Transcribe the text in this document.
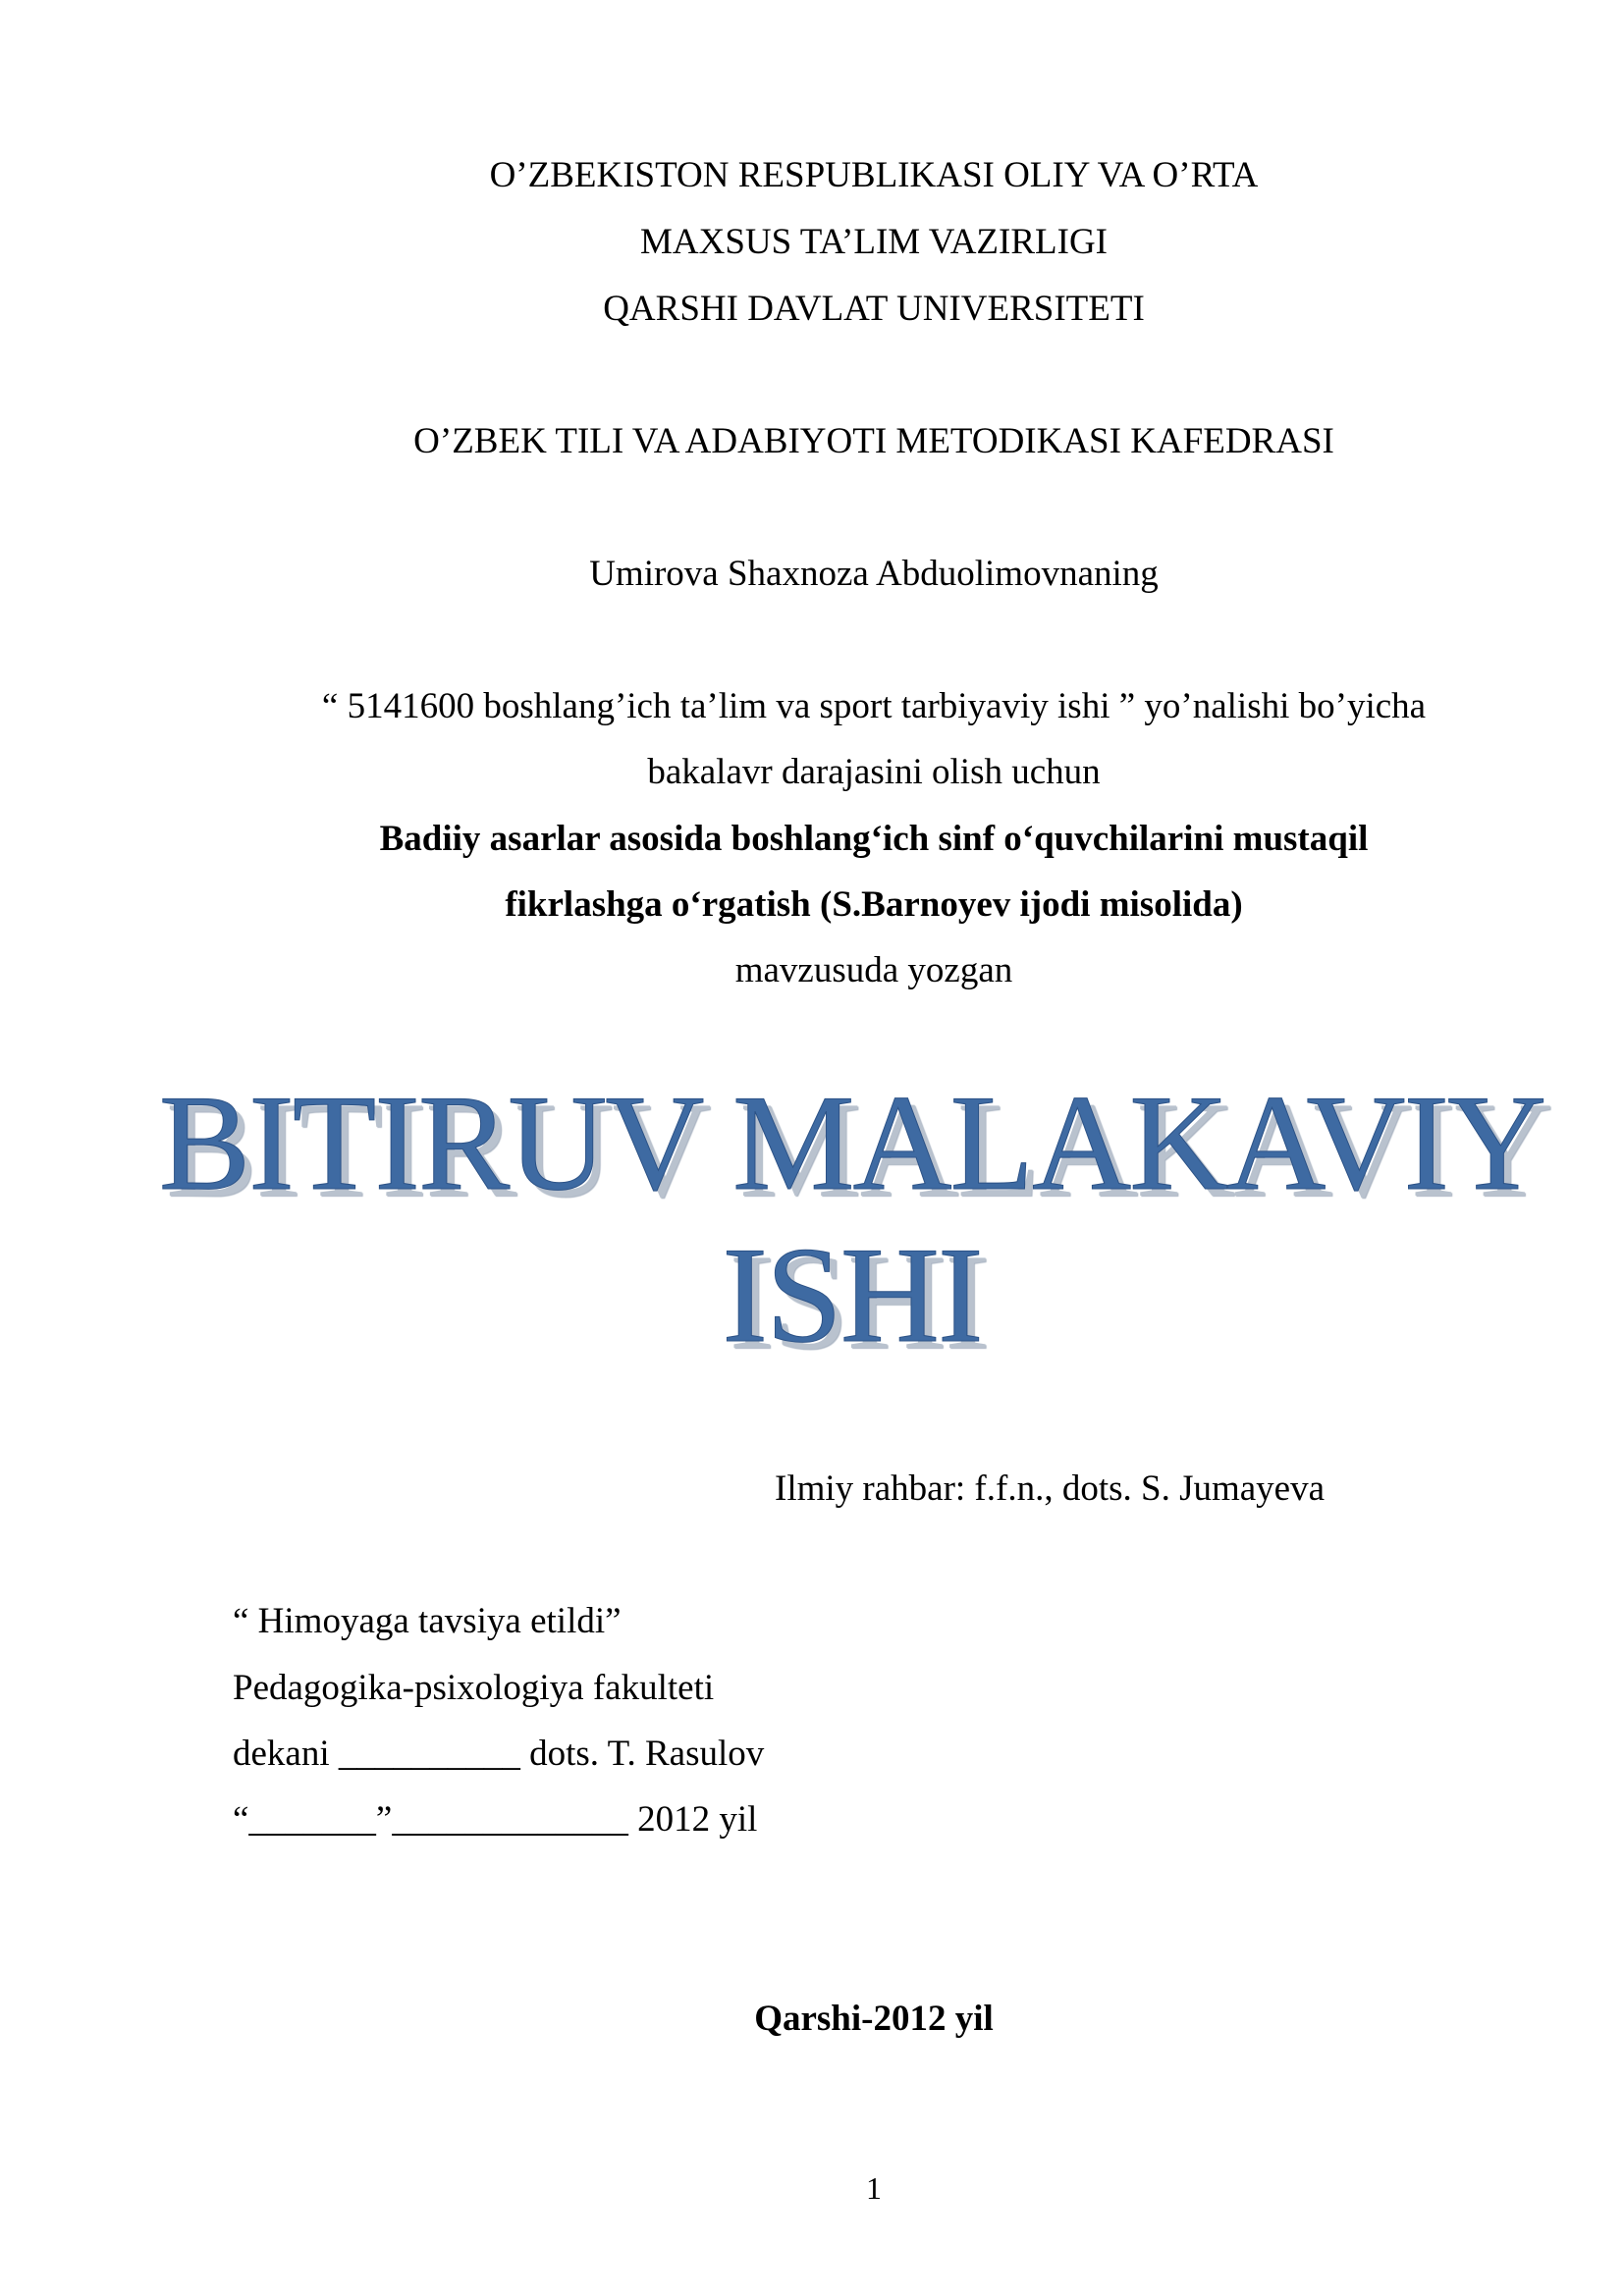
O’ZBEKISTON RESPUBLIKASI OLIY VA O’RTA
MAXSUS TA’LIM VAZIRLIGI
QARSHI DAVLAT UNIVERSITETI
O’ZBEK TILI VA ADABIYOTI METODIKASI KAFEDRASI
Umirova Shaxnoza Abduolimovnaning
“ 5141600 boshlang’ich ta’lim va sport tarbiyaviy ishi ” yo’nalishi bo’yicha
bakalavr darajasini olish uchun
Badiiy asarlar asosida boshlang‘ich sinf o‘quvchilarini mustaqil
fikrlashga o‘rgatish (S.Barnoyev ijodi misolida)
mavzusuda yozgan
BITIRUV MALAKAVIY
ISHI
Ilmiy rahbar: f.f.n., dots. S. Jumayeva
“ Himoyaga tavsiya etildi”
Pedagogika-psixologiya fakulteti
dekani __________ dots. T. Rasulov
“_______”_____________ 2012 yil
Qarshi-2012 yil
1
